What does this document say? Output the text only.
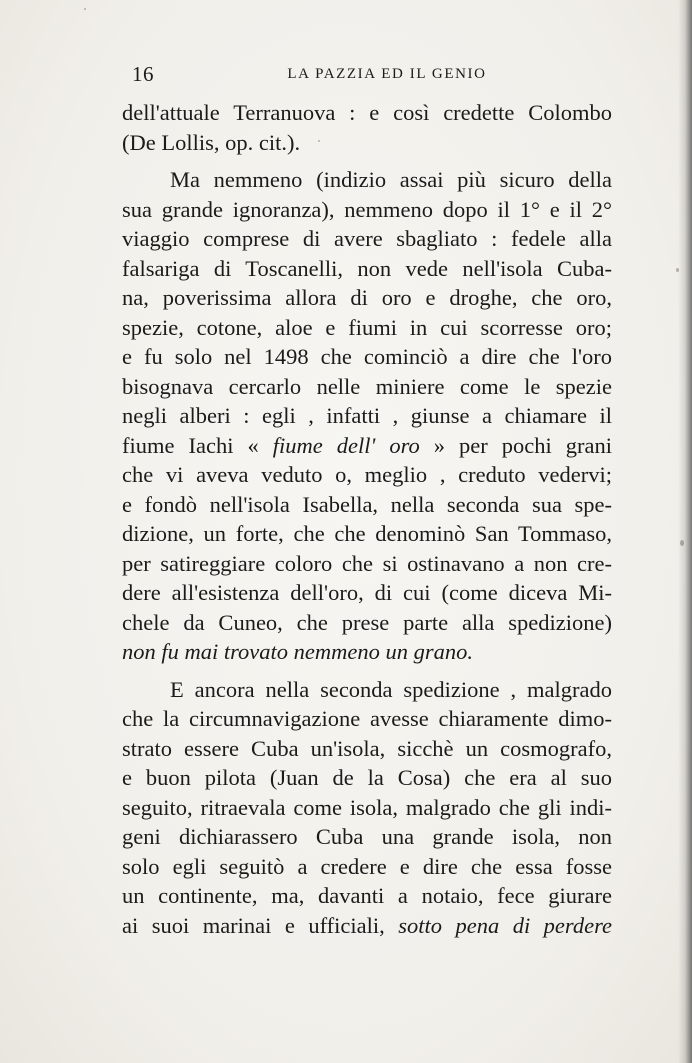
16	LA PAZZIA ED IL GENIO
dell'attuale Terranuova : e così credette Colombo
(De Lollis, op. cit.).
Ma nemmeno (indizio assai più sicuro della
sua grande ignoranza), nemmeno dopo il 1° e il 2°
viaggio comprese di avere sbagliato : fedele alla
falsariga di Toscanelli, non vede nell'isola Cuba-
na, poverissima allora di oro e droghe, che oro,
spezie, cotone, aloe e fiumi in cui scorresse oro;
e fu solo nel 1498 che cominciò a dire che l'oro
bisognava cercarlo nelle miniere come le spezie
negli alberi : egli , infatti , giunse a chiamare il
fiume Iachi « fiume dell' oro » per pochi grani
che vi aveva veduto o, meglio , creduto vedervi;
e fondò nell'isola Isabella, nella seconda sua spe-
dizione, un forte, che che denominò San Tommaso,
per satireggiare coloro che si ostinavano a non cre-
dere all'esistenza dell'oro, di cui (come diceva Mi-
chele da Cuneo, che prese parte alla spedizione)
non fu mai trovato nemmeno un grano.
E ancora nella seconda spedizione , malgrado
che la circumnavigazione avesse chiaramente dimo-
strato essere Cuba un'isola, sicchè un cosmografo,
e buon pilota (Juan de la Cosa) che era al suo
seguito, ritraevala come isola, malgrado che gli indi-
geni dichiarassero Cuba una grande isola, non
solo egli seguitò a credere e dire che essa fosse
un continente, ma, davanti a notaio, fece giurare
ai suoi marinai e ufficiali, sotto pena di perdere
